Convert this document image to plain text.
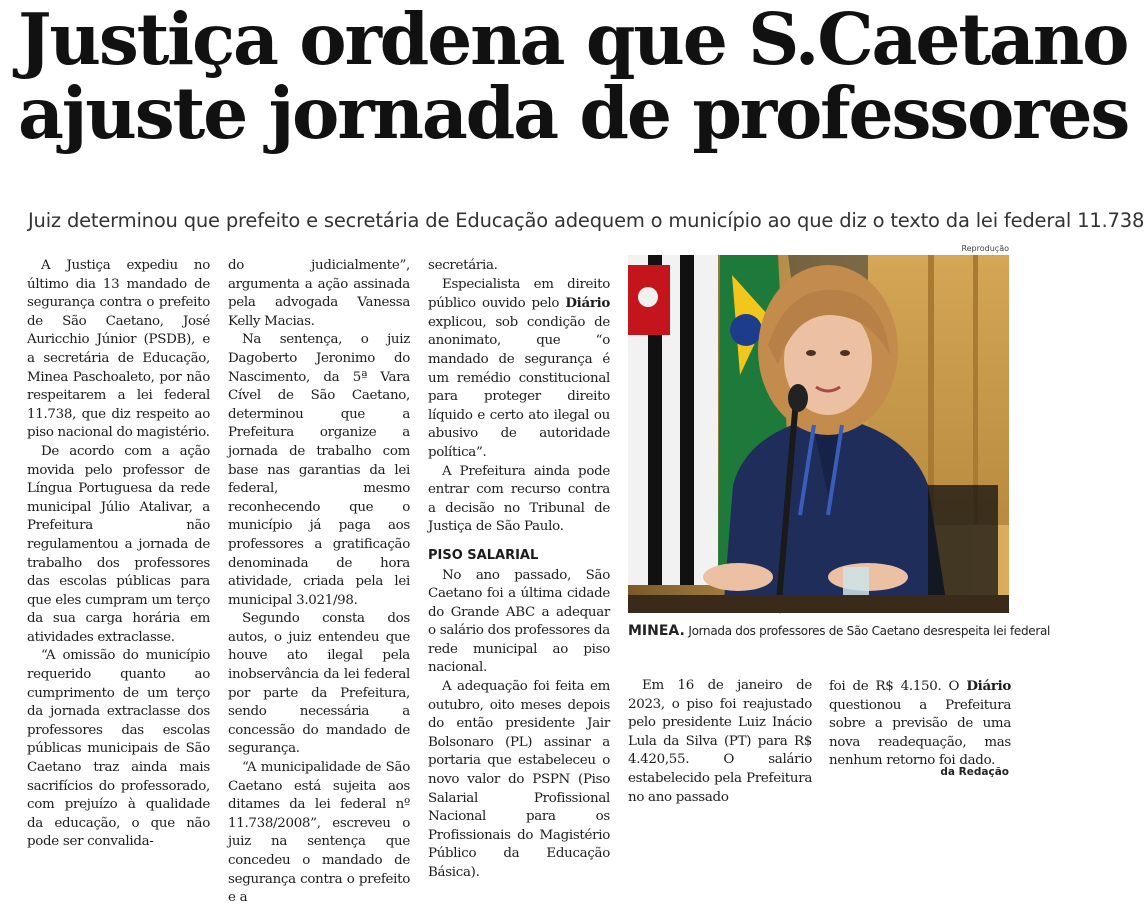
Justiça ordena que S.Caetano
ajuste jornada de professores
Juiz determinou que prefeito e secretária de Educação adequem o município ao que diz o texto da lei federal 11.738
Reprodução

A Justiça expediu no último dia 13 mandado de segurança contra o prefeito de São Caetano, José Auricchio Júnior (PSDB), e a secretária de Educação, Minea Paschoaleto, por não respeitarem a lei federal 11.738, que diz respeito ao piso nacional do magistério.

De acordo com a ação movida pelo professor de Língua Portuguesa da rede municipal Júlio Atalivar, a Prefeitura não regulamentou a jornada de trabalho dos professores das escolas públicas para que eles cumpram um terço da sua carga horária em atividades extraclasse.

“A omissão do município requerido quanto ao cumprimento de um terço da jornada extraclasse dos professores das escolas públicas municipais de São Caetano traz ainda mais sacrifícios do professorado, com prejuízo à qualidade da educação, o que não pode ser convalida-

do judicialmente”, argumenta a ação assinada pela advogada Vanessa Kelly Macias.

Na sentença, o juiz Dagoberto Jeronimo do Nascimento, da 5ª Vara Cível de São Caetano, determinou que a Prefeitura organize a jornada de trabalho com base nas garantias da lei federal, mesmo reconhecendo que o município já paga aos professores a gratificação denominada de hora atividade, criada pela lei municipal 3.021/98.

Segundo consta dos autos, o juiz entendeu que houve ato ilegal pela inobservância da lei federal por parte da Prefeitura, sendo necessária a concessão do mandado de segurança.

“A municipalidade de São Caetano está sujeita aos ditames da lei federal nº 11.738/2008”, escreveu o juiz na sentença que concedeu o mandado de segurança contra o prefeito e a

secretária.

Especialista em direito público ouvido pelo Diário explicou, sob condição de anonimato, que “o mandado de segurança é um remédio constitucional para proteger direito líquido e certo ato ilegal ou abusivo de autoridade política”.

A Prefeitura ainda pode entrar com recurso contra a decisão no Tribunal de Justiça de São Paulo.

PISO SALARIAL

No ano passado, São Caetano foi a última cidade do Grande ABC a adequar o salário dos professores da rede municipal ao piso nacional.

A adequação foi feita em outubro, oito meses depois do então presidente Jair Bolsonaro (PL) assinar a portaria que estabeleceu o novo valor do PSPN (Piso Salarial Profissional Nacional para os Profissionais do Magistério Público da Educação Básica).

MINEA. Jornada dos professores de São Caetano desrespeita lei federal

Em 16 de janeiro de 2023, o piso foi reajustado pelo presidente Luiz Inácio Lula da Silva (PT) para R$ 4.420,55. O salário estabelecido pela Prefeitura no ano passado

foi de R$ 4.150. O Diário questionou a Prefeitura sobre a previsão de uma nova readequação, mas nenhum retorno foi dado.

da Redação
